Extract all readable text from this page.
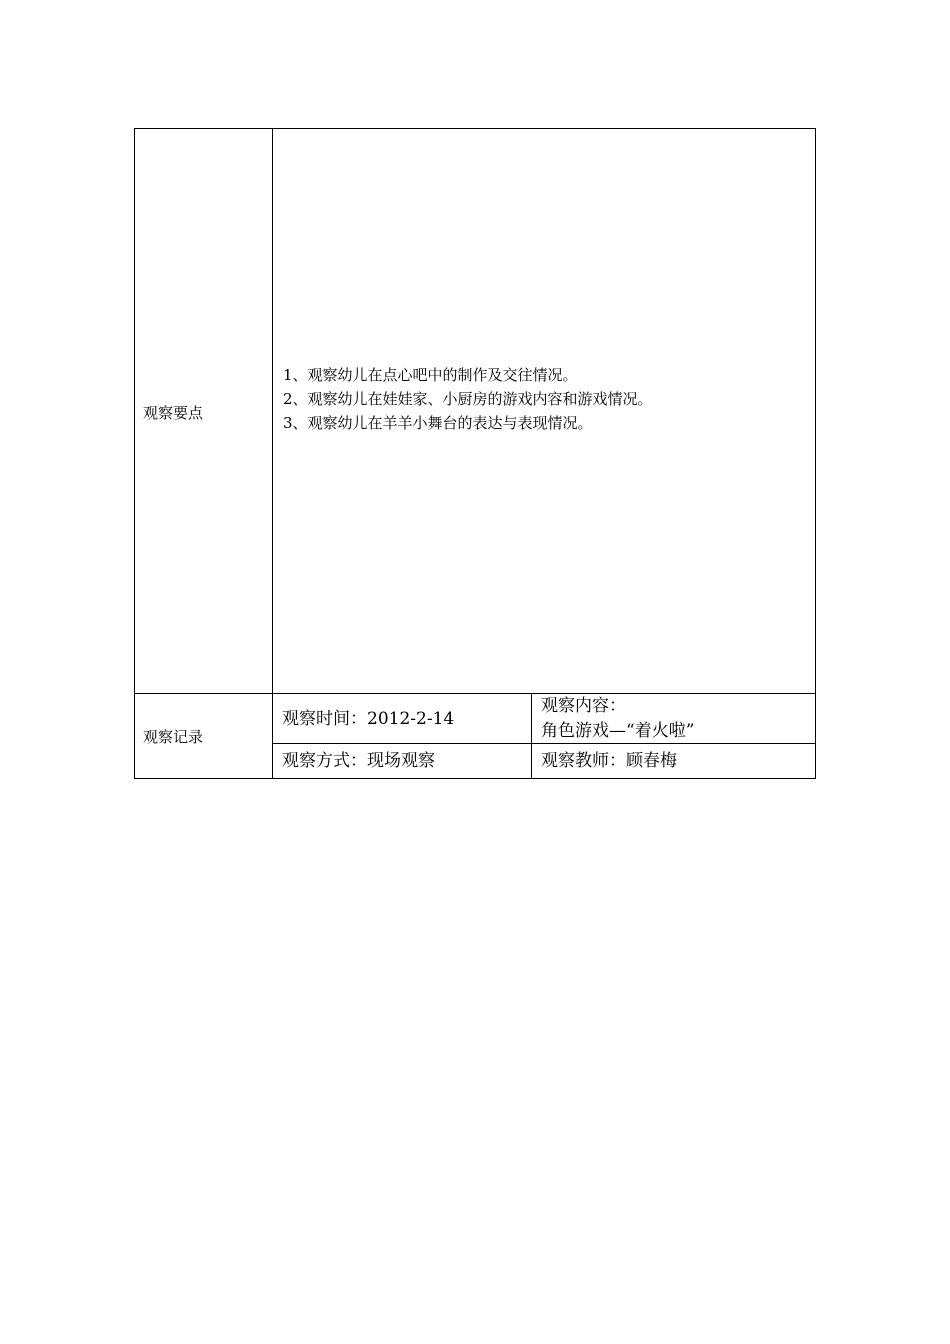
观察要点
1、观察幼儿在点心吧中的制作及交往情况。
2、观察幼儿在娃娃家、小厨房的游戏内容和游戏情况。
3、观察幼儿在羊羊小舞台的表达与表现情况。
观察记录
观察时间：2012-2-14
观察内容：
角色游戏—“着火啦”
观察方式：现场观察	观察教师：顾春梅
